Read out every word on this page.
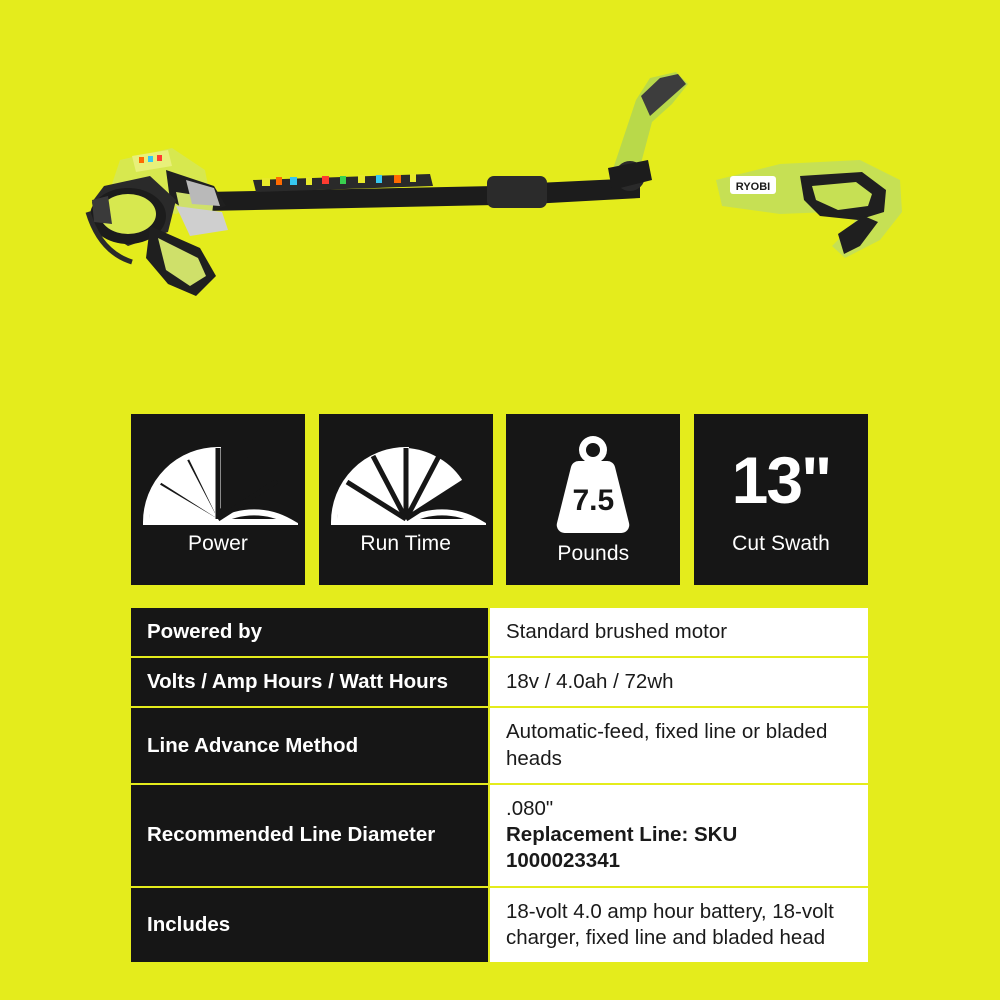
RYOBI
Power	Run Time
7.5
Pounds
13"
Cut Swath
Powered by	Standard brushed motor
Volts / Amp Hours / Watt Hours	18v / 4.0ah / 72wh
Line Advance Method	Automatic-feed, fixed line or bladed heads
Recommended Line Diameter	.080"
Replacement Line: SKU 1000023341
Includes	18-volt 4.0 amp hour battery, 18-volt charger, fixed line and bladed head
